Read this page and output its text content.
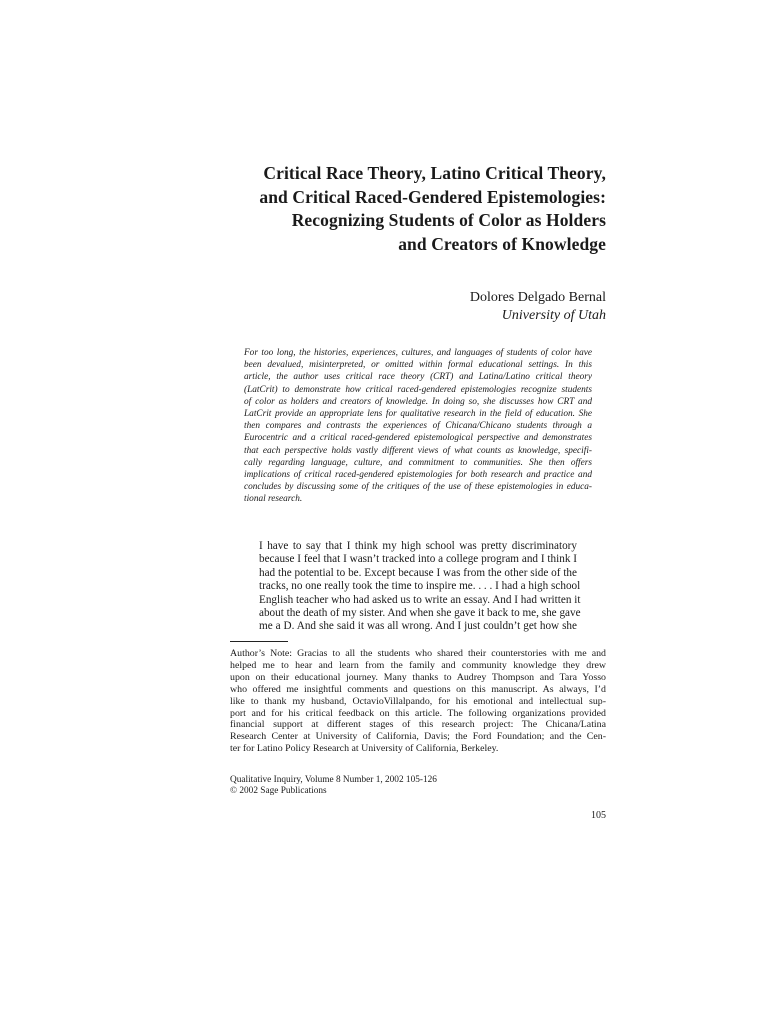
Critical Race Theory, Latino Critical Theory,
and Critical Raced-Gendered Epistemologies:
Recognizing Students of Color as Holders
and Creators of Knowledge
Dolores Delgado Bernal
University of Utah
For too long, the histories, experiences, cultures, and languages of students of color have
been devalued, misinterpreted, or omitted within formal educational settings. In this
article, the author uses critical race theory (CRT) and Latina/Latino critical theory
(LatCrit) to demonstrate how critical raced-gendered epistemologies recognize students
of color as holders and creators of knowledge. In doing so, she discusses how CRT and
LatCrit provide an appropriate lens for qualitative research in the field of education. She
then compares and contrasts the experiences of Chicana/Chicano students through a
Eurocentric and a critical raced-gendered epistemological perspective and demonstrates
that each perspective holds vastly different views of what counts as knowledge, specifi-
cally regarding language, culture, and commitment to communities. She then offers
implications of critical raced-gendered epistemologies for both research and practice and
concludes by discussing some of the critiques of the use of these epistemologies in educa-
tional research.
I have to say that I think my high school was pretty discriminatory
because I feel that I wasn’t tracked into a college program and I think I
had the potential to be. Except because I was from the other side of the
tracks, no one really took the time to inspire me. . . . I had a high school
English teacher who had asked us to write an essay. And I had written it
about the death of my sister. And when she gave it back to me, she gave
me a D. And she said it was all wrong. And I just couldn’t get how she
Author’s Note: Gracias to all the students who shared their counterstories with me and
helped me to hear and learn from the family and community knowledge they drew
upon on their educational journey. Many thanks to Audrey Thompson and Tara Yosso
who offered me insightful comments and questions on this manuscript. As always, I’d
like to thank my husband, OctavioVillalpando, for his emotional and intellectual sup-
port and for his critical feedback on this article. The following organizations provided
financial support at different stages of this research project: The Chicana/Latina
Research Center at University of California, Davis; the Ford Foundation; and the Cen-
ter for Latino Policy Research at University of California, Berkeley.
Qualitative Inquiry, Volume 8 Number 1, 2002 105-126
© 2002 Sage Publications
105
